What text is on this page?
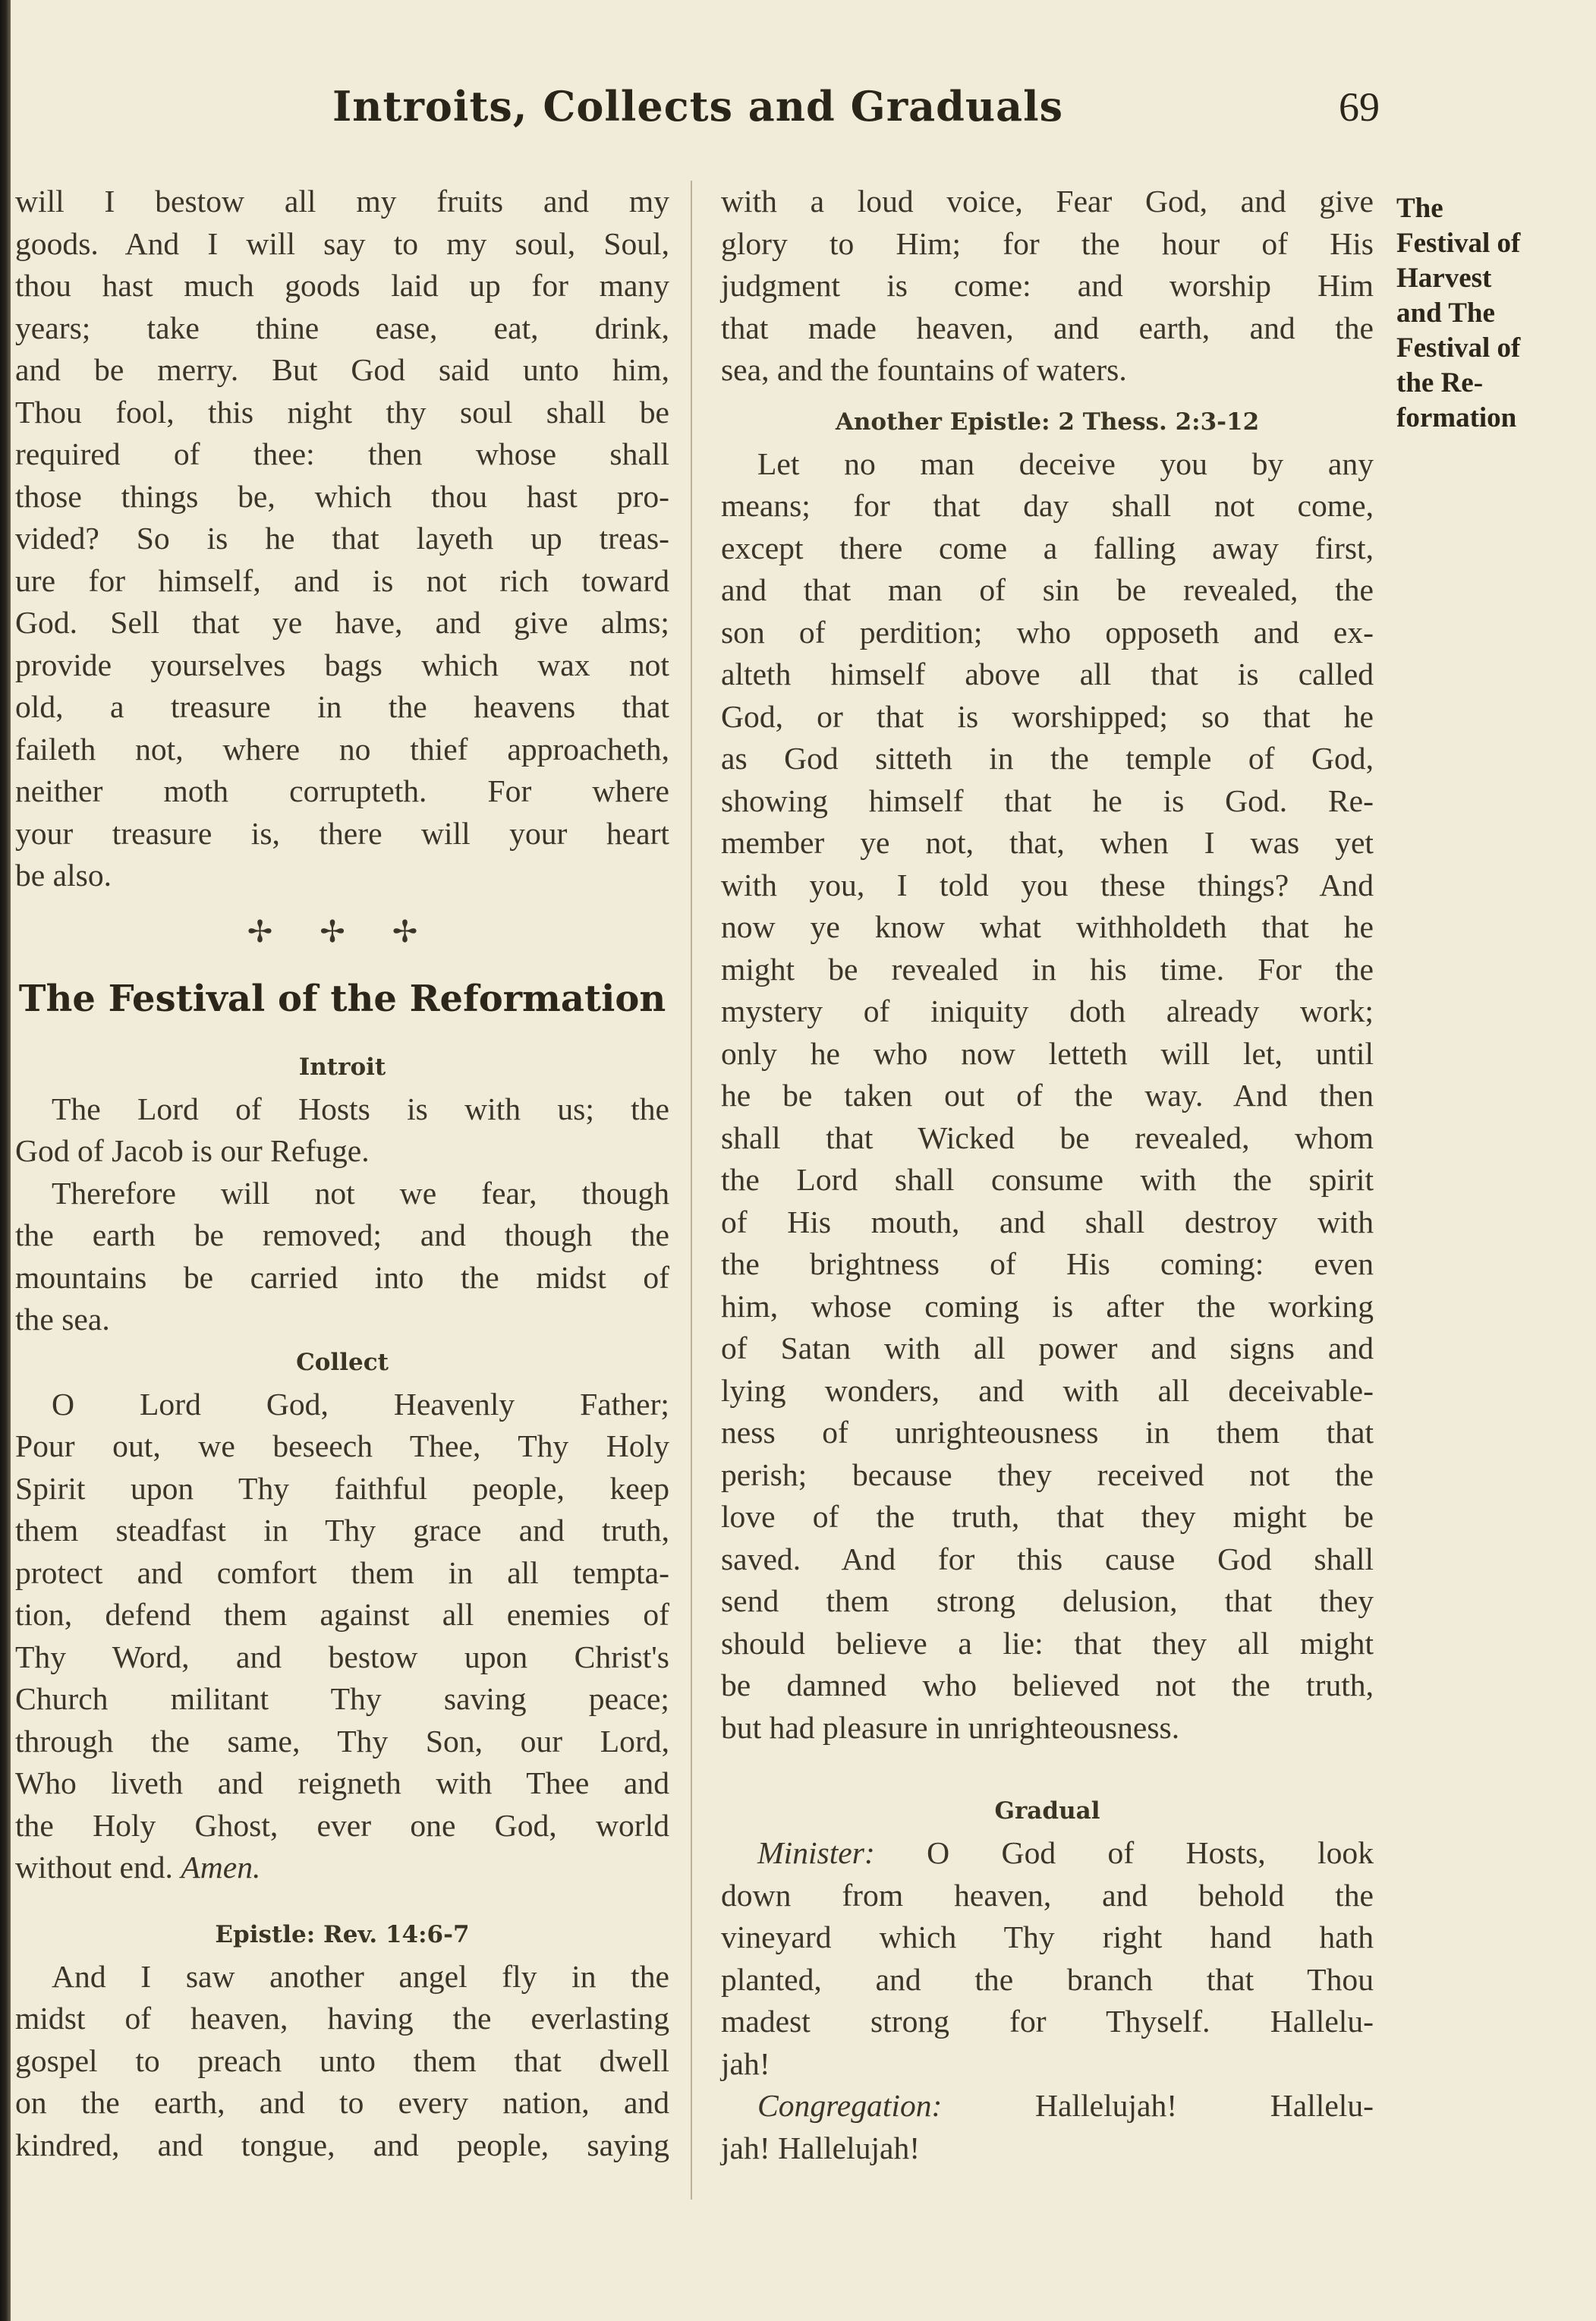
Introits, Collects and Graduals	69

will I bestow all my fruits and my
goods. And I will say to my soul, Soul,
thou hast much goods laid up for many
years; take thine ease, eat, drink,
and be merry. But God said unto him,
Thou fool, this night thy soul shall be
required of thee: then whose shall
those things be, which thou hast pro-
vided? So is he that layeth up treas-
ure for himself, and is not rich toward
God. Sell that ye have, and give alms;
provide yourselves bags which wax not
old, a treasure in the heavens that
faileth not, where no thief approacheth,
neither moth corrupteth. For where
your treasure is, there will your heart
be also.

✢ ✢ ✢
The Festival of the Reformation
Introit

The Lord of Hosts is with us; the

God of Jacob is our Refuge.

Therefore will not we fear, though

the earth be removed; and though the
mountains be carried into the midst of
the sea.

Collect

O Lord God, Heavenly Father;

Pour out, we beseech Thee, Thy Holy
Spirit upon Thy faithful people, keep
them steadfast in Thy grace and truth,
protect and comfort them in all tempta-
tion, defend them against all enemies of
Thy Word, and bestow upon Christ's
Church militant Thy saving peace;
through the same, Thy Son, our Lord,
Who liveth and reigneth with Thee and
the Holy Ghost, ever one God, world
without end. Amen.

Epistle: Rev. 14:6-7

And I saw another angel fly in the

midst of heaven, having the everlasting
gospel to preach unto them that dwell
on the earth, and to every nation, and
kindred, and tongue, and people, saying

with a loud voice, Fear God, and give
glory to Him; for the hour of His
judgment is come: and worship Him
that made heaven, and earth, and the
sea, and the fountains of waters.

Another Epistle: 2 Thess. 2:3-12

Let no man deceive you by any

means; for that day shall not come,
except there come a falling away first,
and that man of sin be revealed, the
son of perdition; who opposeth and ex-
alteth himself above all that is called
God, or that is worshipped; so that he
as God sitteth in the temple of God,
showing himself that he is God. Re-
member ye not, that, when I was yet
with you, I told you these things? And
now ye know what withholdeth that he
might be revealed in his time. For the
mystery of iniquity doth already work;
only he who now letteth will let, until
he be taken out of the way. And then
shall that Wicked be revealed, whom
the Lord shall consume with the spirit
of His mouth, and shall destroy with
the brightness of His coming: even
him, whose coming is after the working
of Satan with all power and signs and
lying wonders, and with all deceivable-
ness of unrighteousness in them that
perish; because they received not the
love of the truth, that they might be
saved. And for this cause God shall
send them strong delusion, that they
should believe a lie: that they all might
be damned who believed not the truth,
but had pleasure in unrighteousness.

Gradual

Minister: O God of Hosts, look

down from heaven, and behold the
vineyard which Thy right hand hath
planted, and the branch that Thou
madest strong for Thyself. Hallelu-
jah!

Congregation:	Hallelujah! Hallelu-

jah! Hallelujah!

The
Festival of
Harvest
and The
Festival of
the Re-
formation
